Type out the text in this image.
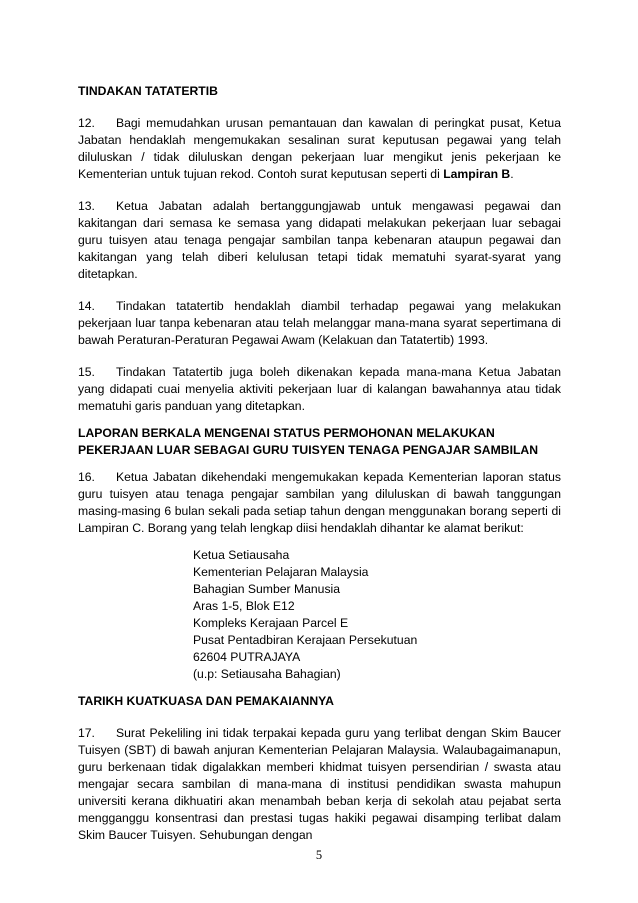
TINDAKAN TATATERTIB

12. Bagi memudahkan urusan pemantauan dan kawalan di peringkat pusat, Ketua Jabatan hendaklah mengemukakan sesalinan surat keputusan pegawai yang telah diluluskan / tidak diluluskan dengan pekerjaan luar mengikut jenis pekerjaan ke Kementerian untuk tujuan rekod. Contoh surat keputusan seperti di Lampiran B.

13. Ketua Jabatan adalah bertanggungjawab untuk mengawasi pegawai dan kakitangan dari semasa ke semasa yang didapati melakukan pekerjaan luar sebagai guru tuisyen atau tenaga pengajar sambilan tanpa kebenaran ataupun pegawai dan kakitangan yang telah diberi kelulusan tetapi tidak mematuhi syarat-syarat yang ditetapkan.

14. Tindakan tatatertib hendaklah diambil terhadap pegawai yang melakukan pekerjaan luar tanpa kebenaran atau telah melanggar mana-mana syarat sepertimana di bawah Peraturan-Peraturan Pegawai Awam (Kelakuan dan Tatatertib) 1993.

15. Tindakan Tatatertib juga boleh dikenakan kepada mana-mana Ketua Jabatan yang didapati cuai menyelia aktiviti pekerjaan luar di kalangan bawahannya atau tidak mematuhi garis panduan yang ditetapkan.

LAPORAN BERKALA MENGENAI STATUS PERMOHONAN MELAKUKAN PEKERJAAN LUAR SEBAGAI GURU TUISYEN TENAGA PENGAJAR SAMBILAN

16. Ketua Jabatan dikehendaki mengemukakan kepada Kementerian laporan status guru tuisyen atau tenaga pengajar sambilan yang diluluskan di bawah tanggungan masing-masing 6 bulan sekali pada setiap tahun dengan menggunakan borang seperti di Lampiran C. Borang yang telah lengkap diisi hendaklah dihantar ke alamat berikut:

Ketua Setiausaha
Kementerian Pelajaran Malaysia
Bahagian Sumber Manusia
Aras 1-5, Blok E12
Kompleks Kerajaan Parcel E
Pusat Pentadbiran Kerajaan Persekutuan
62604 PUTRAJAYA
(u.p: Setiausaha Bahagian)

TARIKH KUATKUASA DAN PEMAKAIANNYA

17. Surat Pekeliling ini tidak terpakai kepada guru yang terlibat dengan Skim Baucer Tuisyen (SBT) di bawah anjuran Kementerian Pelajaran Malaysia. Walaubagaimanapun, guru berkenaan tidak digalakkan memberi khidmat tuisyen persendirian / swasta atau mengajar secara sambilan di mana-mana di institusi pendidikan swasta mahupun universiti kerana dikhuatiri akan menambah beban kerja di sekolah atau pejabat serta mengganggu konsentrasi dan prestasi tugas hakiki pegawai disamping terlibat dalam Skim Baucer Tuisyen. Sehubungan dengan

5
